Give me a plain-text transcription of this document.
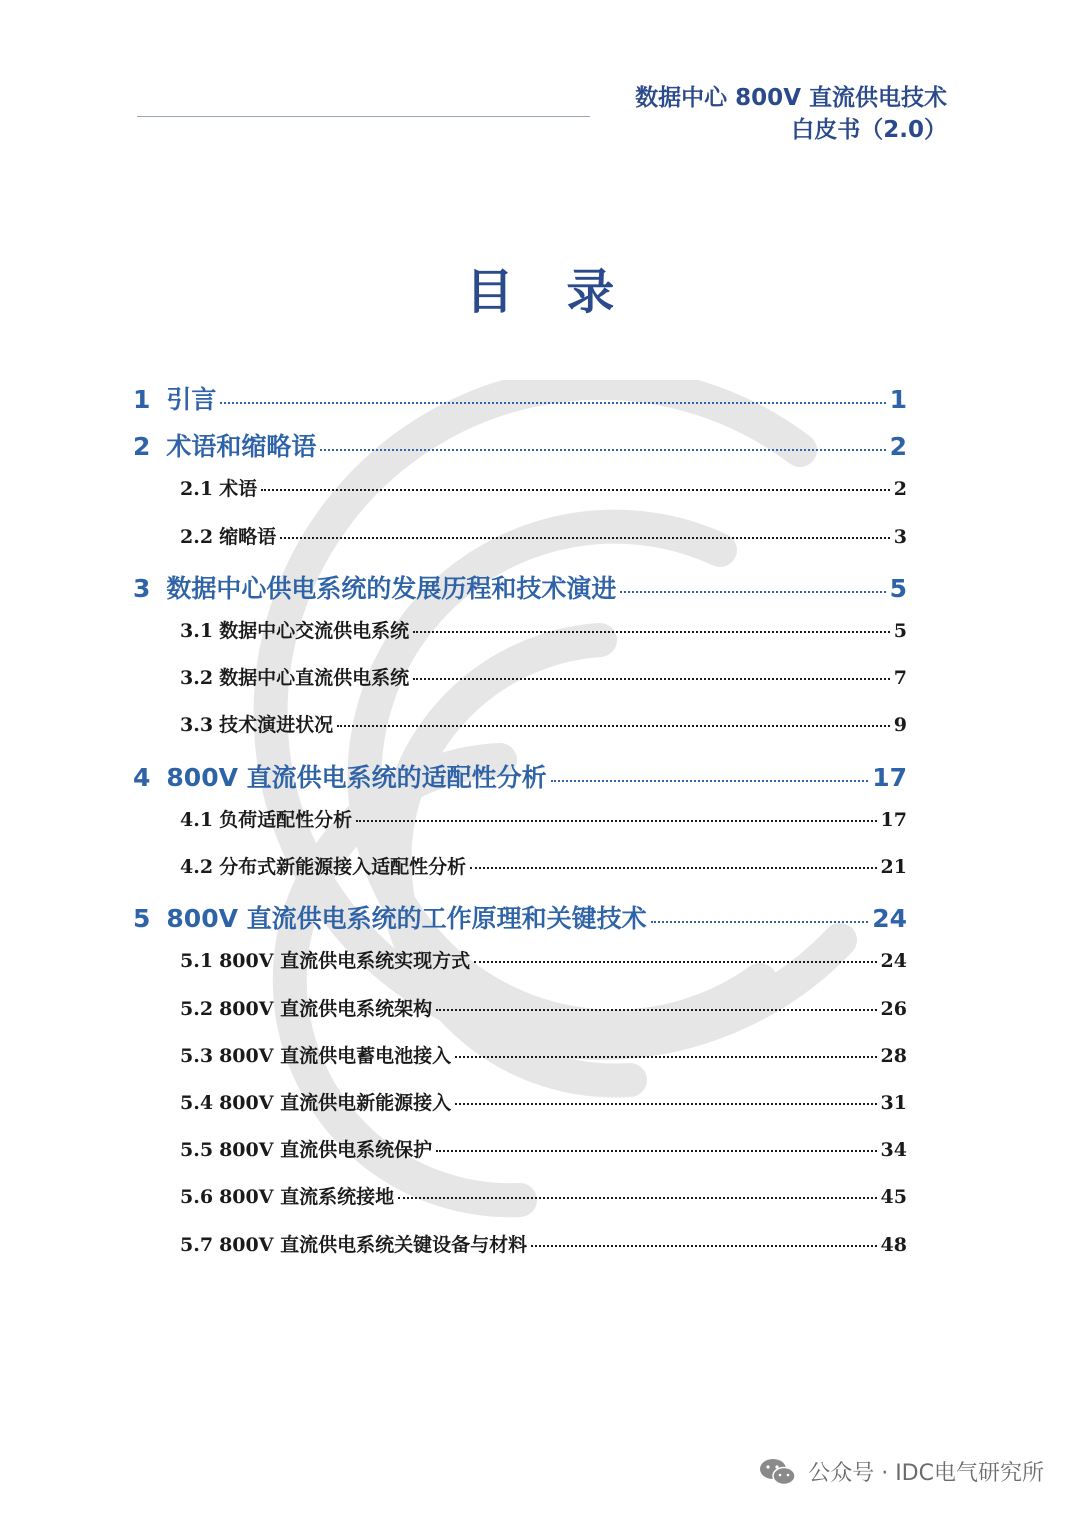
数据中心 800V 直流供电技术
白皮书（2.0）
目 录
1 引言	1
2 术语和缩略语	2
2.1 术语	2
2.2 缩略语	3
3 数据中心供电系统的发展历程和技术演进	5
3.1 数据中心交流供电系统	5
3.2 数据中心直流供电系统	7
3.3 技术演进状况	9
4 800V 直流供电系统的适配性分析	17
4.1 负荷适配性分析	17
4.2 分布式新能源接入适配性分析	21
5 800V 直流供电系统的工作原理和关键技术	24
5.1 800V 直流供电系统实现方式	24
5.2 800V 直流供电系统架构	26
5.3 800V 直流供电蓄电池接入	28
5.4 800V 直流供电新能源接入	31
5.5 800V 直流供电系统保护	34
5.6 800V 直流系统接地	45
5.7 800V 直流供电系统关键设备与材料	48
公众号 · IDC电气研究所
